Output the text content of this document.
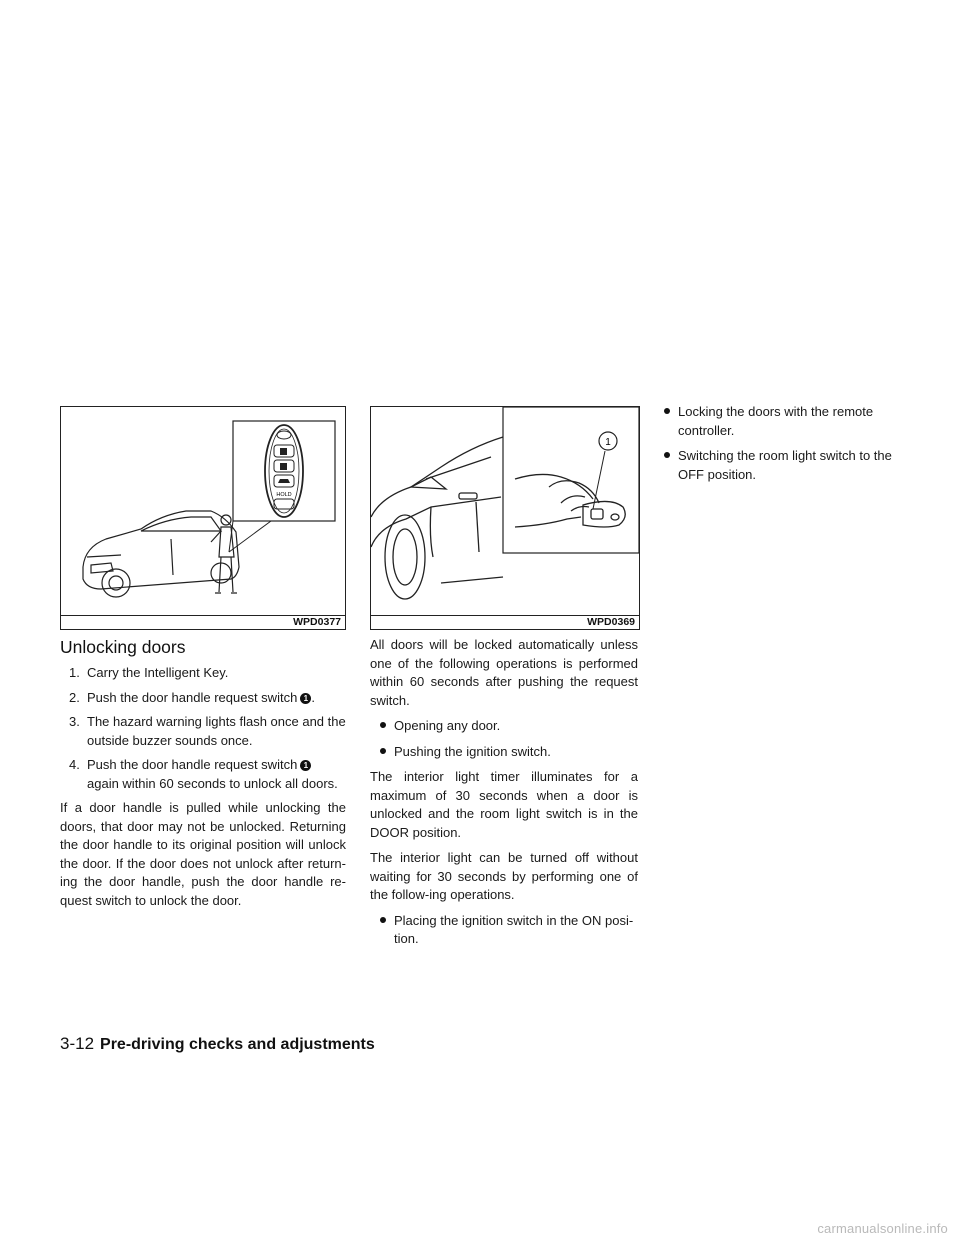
HOLD
WPD0377
1
WPD0369
Unlocking doors
1. Carry the Intelligent Key.
2. Push the door handle request switch 1 .
3. The hazard warning lights flash once and the outside buzzer sounds once.
4. Push the door handle request switch 1 again within 60 seconds to unlock all doors.

If a door handle is pulled while unlocking the doors, that door may not be unlocked. Returning the door handle to its original position will unlock the door. If the door does not unlock after return-ing the door handle, push the door handle re-quest switch to unlock the door.

All doors will be locked automatically unless one of the following operations is performed within 60 seconds after pushing the request switch.

Opening any door.
Pushing the ignition switch.

The interior light timer illuminates for a maximum of 30 seconds when a door is unlocked and the room light switch is in the DOOR position.

The interior light can be turned off without waiting for 30 seconds by performing one of the follow-ing operations.

Placing the ignition switch in the ON posi-tion.
Locking the doors with the remote controller.
Switching the room light switch to the OFF position.
3-12 Pre-driving checks and adjustments
carmanualsonline.info
